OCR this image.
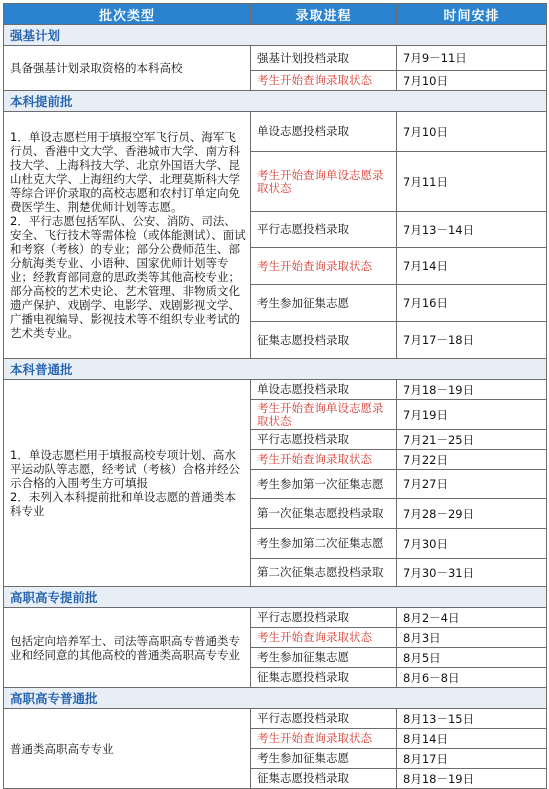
批次类型	录取进程	时间安排
强基计划		

具备强基计划录取资格的本科高校	强基计划投档录取	7月9－11日
	考生开始查询录取状态	7月10日
本科提前批		

1．单设志愿栏用于填报空军飞行员、海军飞行员、香港中文大学、香港城市大学、南方科技大学、上海科技大学、北京外国语大学、昆山杜克大学、上海纽约大学、北理莫斯科大学等综合评价录取的高校志愿和农村订单定向免费医学生、荆楚优师计划等志愿。
2．平行志愿包括军队、公安、消防、司法、安全、飞行技术等需体检（或体能测试）、面试和考察（考核）的专业；部分公费师范生、部分航海类专业、小语种、国家优师计划等专业；经教育部同意的思政类等其他高校专业；部分高校的艺术史论、艺术管理、非物质文化遗产保护、戏剧学、电影学、戏剧影视文学、广播电视编导、影视技术等不组织专业考试的艺术类专业。	单设志愿投档录取	7月10日
	考生开始查询单设志愿录取状态	7月11日
	平行志愿投档录取	7月13－14日
	考生开始查询录取状态	7月14日
	考生参加征集志愿	7月16日
	征集志愿投档录取	7月17－18日
本科普通批		

1．单设志愿栏用于填报高校专项计划、高水平运动队等志愿，经考试（考核）合格并经公示合格的入围考生方可填报
2．未列入本科提前批和单设志愿的普通类本科专业	单设志愿投档录取	7月18－19日
	考生开始查询单设志愿录取状态	7月19日
	平行志愿投档录取	7月21－25日
	考生开始查询录取状态	7月22日
	考生参加第一次征集志愿	7月27日
	第一次征集志愿投档录取	7月28－29日
	考生参加第二次征集志愿	7月30日
	第二次征集志愿投档录取	7月30－31日
高职高专提前批		

包括定向培养军士、司法等高职高专普通类专业和经同意的其他高校的普通类高职高专专业	平行志愿投档录取	8月2－4日
	考生开始查询录取状态	8月3日
	考生参加征集志愿	8月5日
	征集志愿投档录取	8月6－8日
高职高专普通批		

普通类高职高专专业	平行志愿投档录取	8月13－15日
	考生开始查询录取状态	8月14日
	考生参加征集志愿	8月17日
	征集志愿投档录取	8月18－19日
